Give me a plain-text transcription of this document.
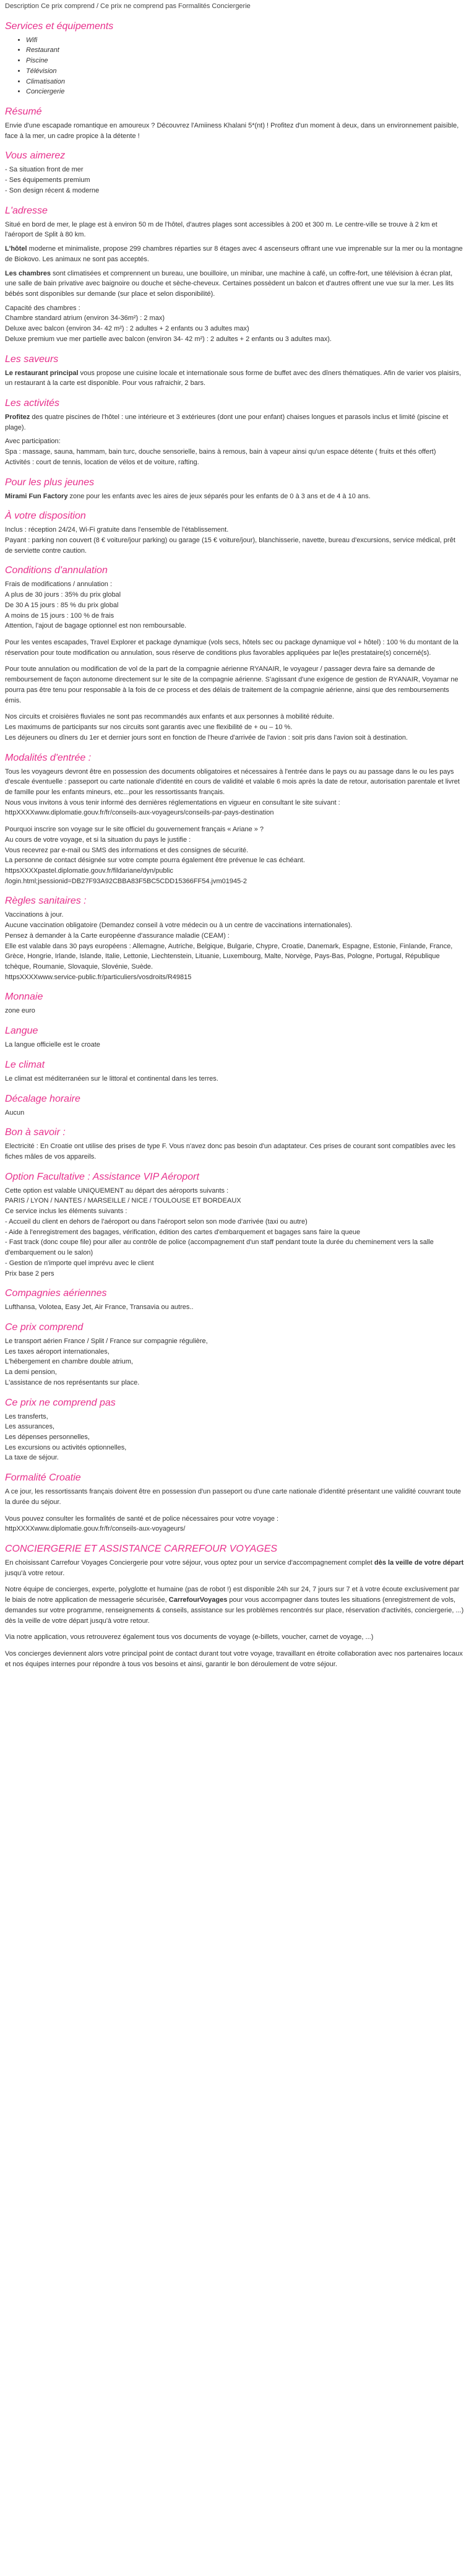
Description Ce prix comprend / Ce prix ne comprend pas Formalités Conciergerie
Services et équipements
• Wifi
• Restaurant
• Piscine
• Télévision
• Climatisation
• Conciergerie
Résumé

Envie d'une escapade romantique en amoureux ? Découvrez l'Amiiness Khalani 5*(nt) ! Profitez d'un moment à deux, dans un environnement paisible, face à la mer, un cadre propice à la détente !

Vous aimerez
- Sa situation front de mer
- Ses équipements premium
- Son design récent & moderne
L'adresse

Situé en bord de mer, le plage est à environ 50 m de l'hôtel, d'autres plages sont accessibles à 200 et 300 m. Le centre-ville se trouve à 2 km et l'aéroport de Split à 80 km.

L'hôtel moderne et minimaliste, propose 299 chambres réparties sur 8 étages avec 4 ascenseurs offrant une vue imprenable sur la mer ou la montagne de Biokovo. Les animaux ne sont pas acceptés.

Les chambres sont climatisées et comprennent un bureau, une bouilloire, un minibar, une machine à café, un coffre-fort, une télévision à écran plat, une salle de bain privative avec baignoire ou douche et sèche-cheveux. Certaines possèdent un balcon et d'autres offrent une vue sur la mer. Les lits bébés sont disponibles sur demande (sur place et selon disponibilité).

Capacité des chambres :
Chambre standard atrium (environ 34-36m²) : 2 max)
Deluxe avec balcon (environ 34- 42 m²) : 2 adultes + 2 enfants ou 3 adultes max)
Deluxe premium vue mer partielle avec balcon (environ 34- 42 m²) : 2 adultes + 2 enfants ou 3 adultes max).
Les saveurs

Le restaurant principal vous propose une cuisine locale et internationale sous forme de buffet avec des dîners thématiques. Afin de varier vos plaisirs, un restaurant à la carte est disponible. Pour vous rafraichir, 2 bars.

Les activités

Profitez des quatre piscines de l'hôtel : une intérieure et 3 extérieures (dont une pour enfant) chaises longues et parasols inclus et limité (piscine et plage).

Avec participation:
Spa : massage, sauna, hammam, bain turc, douche sensorielle, bains à remous, bain à vapeur ainsi qu'un espace détente ( fruits et thés offert)
Activités : court de tennis, location de vélos et de voiture, rafting.
Pour les plus jeunes

Mirami Fun Factory zone pour les enfants avec les aires de jeux séparés pour les enfants de 0 à 3 ans et de 4 à 10 ans.

À votre disposition
Inclus : réception 24/24, Wi-Fi gratuite dans l'ensemble de l'établissement.
Payant : parking non couvert (8 € voiture/jour parking) ou garage (15 € voiture/jour), blanchisserie, navette, bureau d'excursions, service médical, prêt de serviette contre caution.
Conditions d'annulation
Frais de modifications / annulation :
A plus de 30 jours : 35% du prix global
De 30 A 15 jours : 85 % du prix global
A moins de 15 jours : 100 % de frais
Attention, l'ajout de bagage optionnel est non remboursable.

Pour les ventes escapades, Travel Explorer et package dynamique (vols secs, hôtels sec ou package dynamique vol + hôtel) : 100 % du montant de la réservation pour toute modification ou annulation, sous réserve de conditions plus favorables appliquées par le(les prestataire(s) concerné(s).

Pour toute annulation ou modification de vol de la part de la compagnie aérienne RYANAIR, le voyageur / passager devra faire sa demande de remboursement de façon autonome directement sur le site de la compagnie aérienne. S'agissant d'une exigence de gestion de RYANAIR, Voyamar ne pourra pas être tenu pour responsable à la fois de ce process et des délais de traitement de la compagnie aérienne, ainsi que des remboursements émis.

Nos circuits et croisières fluviales ne sont pas recommandés aux enfants et aux personnes à mobilité réduite.
Les maximums de participants sur nos circuits sont garantis avec une flexibilité de + ou – 10 %.
Les déjeuners ou dîners du 1er et dernier jours sont en fonction de l'heure d'arrivée de l'avion : soit pris dans l'avion soit à destination.
Modalités d'entrée :
Tous les voyageurs devront être en possession des documents obligatoires et nécessaires à l'entrée dans le pays ou au passage dans le ou les pays d'escale éventuelle : passeport ou carte nationale d'identité en cours de validité et valable 6 mois après la date de retour, autorisation parentale et livret de famille pour les enfants mineurs, etc...pour les ressortissants français.
Nous vous invitons à vous tenir informé des dernières réglementations en vigueur en consultant le site suivant : httpXXXXwww.diplomatie.gouv.fr/fr/conseils-aux-voyageurs/conseils-par-pays-destination
Pourquoi inscrire son voyage sur le site officiel du gouvernement français « Ariane » ?
Au cours de votre voyage, et si la situation du pays le justifie :
Vous recevrez par e-mail ou SMS des informations et des consignes de sécurité.
La personne de contact désignée sur votre compte pourra également être prévenue le cas échéant.
httpsXXXXpastel.diplomatie.gouv.fr/fildariane/dyn/public
/login.html;jsessionid=DB27F93A92CBBA83F5BC5CDD15366FF54.jvm01945-2
Règles sanitaires :
Vaccinations à jour.
Aucune vaccination obligatoire (Demandez conseil à votre médecin ou à un centre de vaccinations internationales).
Pensez à demander à la Carte européenne d'assurance maladie (CEAM) :
Elle est valable dans 30 pays européens : Allemagne, Autriche, Belgique, Bulgarie, Chypre, Croatie, Danemark, Espagne, Estonie, Finlande, France, Grèce, Hongrie, Irlande, Islande, Italie, Lettonie, Liechtenstein, Lituanie, Luxembourg, Malte, Norvège, Pays-Bas, Pologne, Portugal, République tchèque, Roumanie, Slovaquie, Slovénie, Suède.
httpsXXXXwww.service-public.fr/particuliers/vosdroits/R49815
Monnaie

zone euro

Langue

La langue officielle est le croate

Le climat

Le climat est méditerranéen sur le littoral et continental dans les terres.

Décalage horaire

Aucun

Bon à savoir :

Electricité : En Croatie ont utilise des prises de type F. Vous n'avez donc pas besoin d'un adaptateur. Ces prises de courant sont compatibles avec les fiches mâles de vos appareils.

Option Facultative : Assistance VIP Aéroport
Cette option est valable UNIQUEMENT au départ des aéroports suivants :
PARIS / LYON / NANTES / MARSEILLE / NICE / TOULOUSE ET BORDEAUX
Ce service inclus les éléments suivants :
- Accueil du client en dehors de l'aéroport ou dans l'aéroport selon son mode d'arrivée (taxi ou autre)
- Aide à l'enregistrement des bagages, vérification, édition des cartes d'embarquement et bagages sans faire la queue
- Fast track (donc coupe file) pour aller au contrôle de police (accompagnement d'un staff pendant toute la durée du cheminement vers la salle d'embarquement ou le salon)
- Gestion de n'importe quel imprévu avec le client
Prix base 2 pers
Compagnies aériennes

Lufthansa, Volotea, Easy Jet, Air France, Transavia ou autres..

Ce prix comprend
Le transport aérien France / Split / France sur compagnie régulière,
Les taxes aéroport internationales,
L'hébergement en chambre double atrium,
La demi pension,
L'assistance de nos représentants sur place.
Ce prix ne comprend pas
Les transferts,
Les assurances,
Les dépenses personnelles,
Les excursions ou activités optionnelles,
La taxe de séjour.
Formalité Croatie

A ce jour, les ressortissants français doivent être en possession d'un passeport ou d'une carte nationale d'identité présentant une validité couvrant toute la durée du séjour.

Vous pouvez consulter les formalités de santé et de police nécessaires pour votre voyage :
httpXXXXwww.diplomatie.gouv.fr/fr/conseils-aux-voyageurs/
CONCIERGERIE ET ASSISTANCE CARREFOUR VOYAGES

En choisissant Carrefour Voyages Conciergerie pour votre séjour, vous optez pour un service d'accompagnement complet dès la veille de votre départ jusqu'à votre retour.

Notre équipe de concierges, experte, polyglotte et humaine (pas de robot !) est disponible 24h sur 24, 7 jours sur 7 et à votre écoute exclusivement par le biais de notre application de messagerie sécurisée, CarrefourVoyages pour vous accompagner dans toutes les situations (enregistrement de vols, demandes sur votre programme, renseignements & conseils, assistance sur les problèmes rencontrés sur place, réservation d'activités, conciergerie, ...) dès la veille de votre départ jusqu'à votre retour.

Via notre application, vous retrouverez également tous vos documents de voyage (e-billets, voucher, carnet de voyage, ...)

Vos concierges deviennent alors votre principal point de contact durant tout votre voyage, travaillant en étroite collaboration avec nos partenaires locaux et nos équipes internes pour répondre à tous vos besoins et ainsi, garantir le bon déroulement de votre séjour.
